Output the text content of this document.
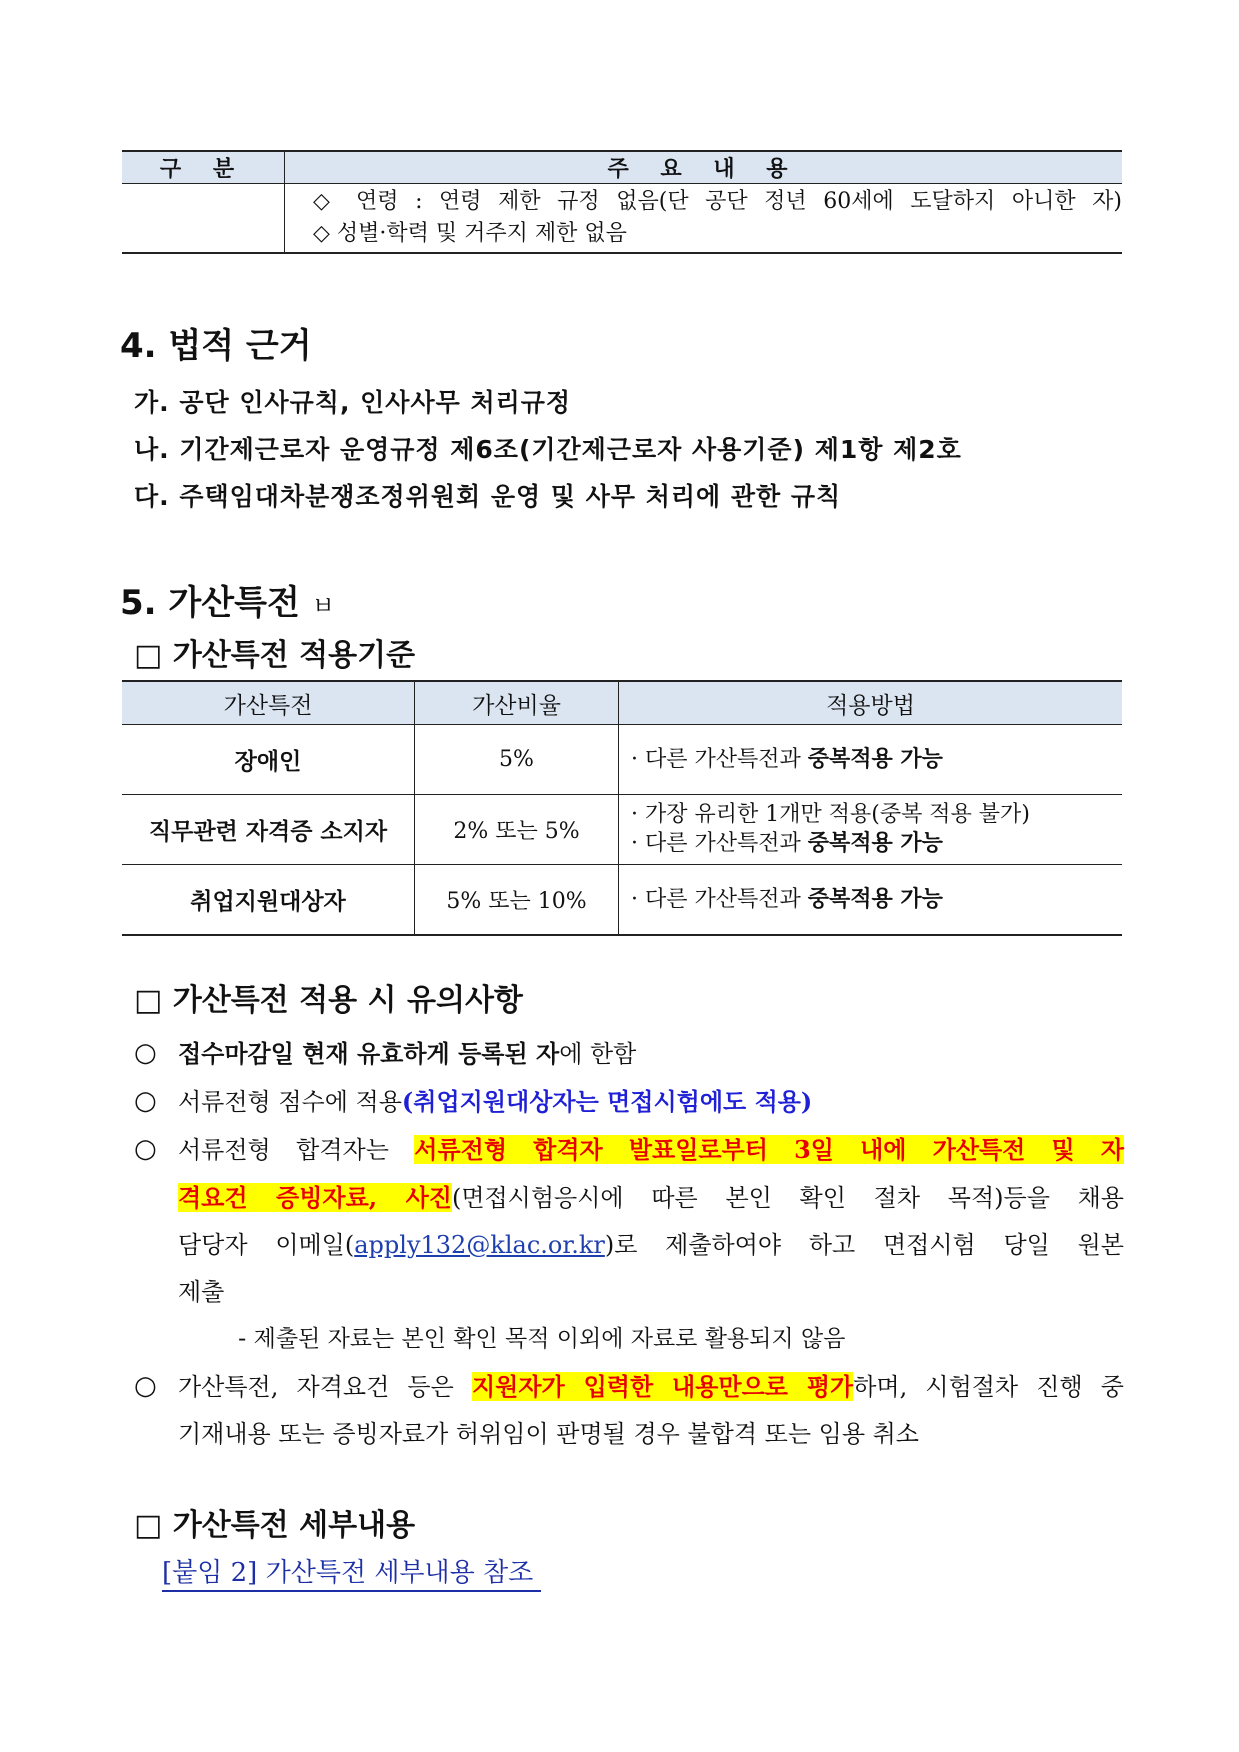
구 분	주 요 내 용

	◇ 연령 : 연령 제한 규정 없음(단 공단 정년 60세에 도달하지 아니한 자)
◇ 성별·학력 및 거주지 제한 없음
4. 법적 근거
가. 공단 인사규칙, 인사사무 처리규정
나. 기간제근로자 운영규정 제6조(기간제근로자 사용기준) 제1항 제2호
다. 주택임대차분쟁조정위원회 운영 및 사무 처리에 관한 규칙
5. 가산특전 ㅂ
□ 가산특전 적용기준
가산특전	가산비율	적용방법
장애인	5%	· 다른 가산특전과 중복적용 가능

직무관련 자격증 소지자	2% 또는 5%	· 가장 유리한 1개만 적용(중복 적용 불가)
· 다른 가산특전과 중복적용 가능

취업지원대상자	5% 또는 10%	· 다른 가산특전과 중복적용 가능
□ 가산특전 적용 시 유의사항
○ 접수마감일 현재 유효하게 등록된 자에 한함
○ 서류전형 점수에 적용(취업지원대상자는 면접시험에도 적용)
○ 서류전형 합격자는 서류전형 합격자 발표일로부터 3일 내에 가산특전 및 자
격요건 증빙자료, 사진(면접시험응시에 따른 본인 확인 절차 목적)등을 채용
담당자 이메일(apply132@klac.or.kr)로 제출하여야 하고 면접시험 당일 원본
제출
- 제출된 자료는 본인 확인 목적 이외에 자료로 활용되지 않음
○ 가산특전, 자격요건 등은 지원자가 입력한 내용만으로 평가하며, 시험절차 진행 중
기재내용 또는 증빙자료가 허위임이 판명될 경우 불합격 또는 임용 취소
□ 가산특전 세부내용
[붙임 2] 가산특전 세부내용 참조
